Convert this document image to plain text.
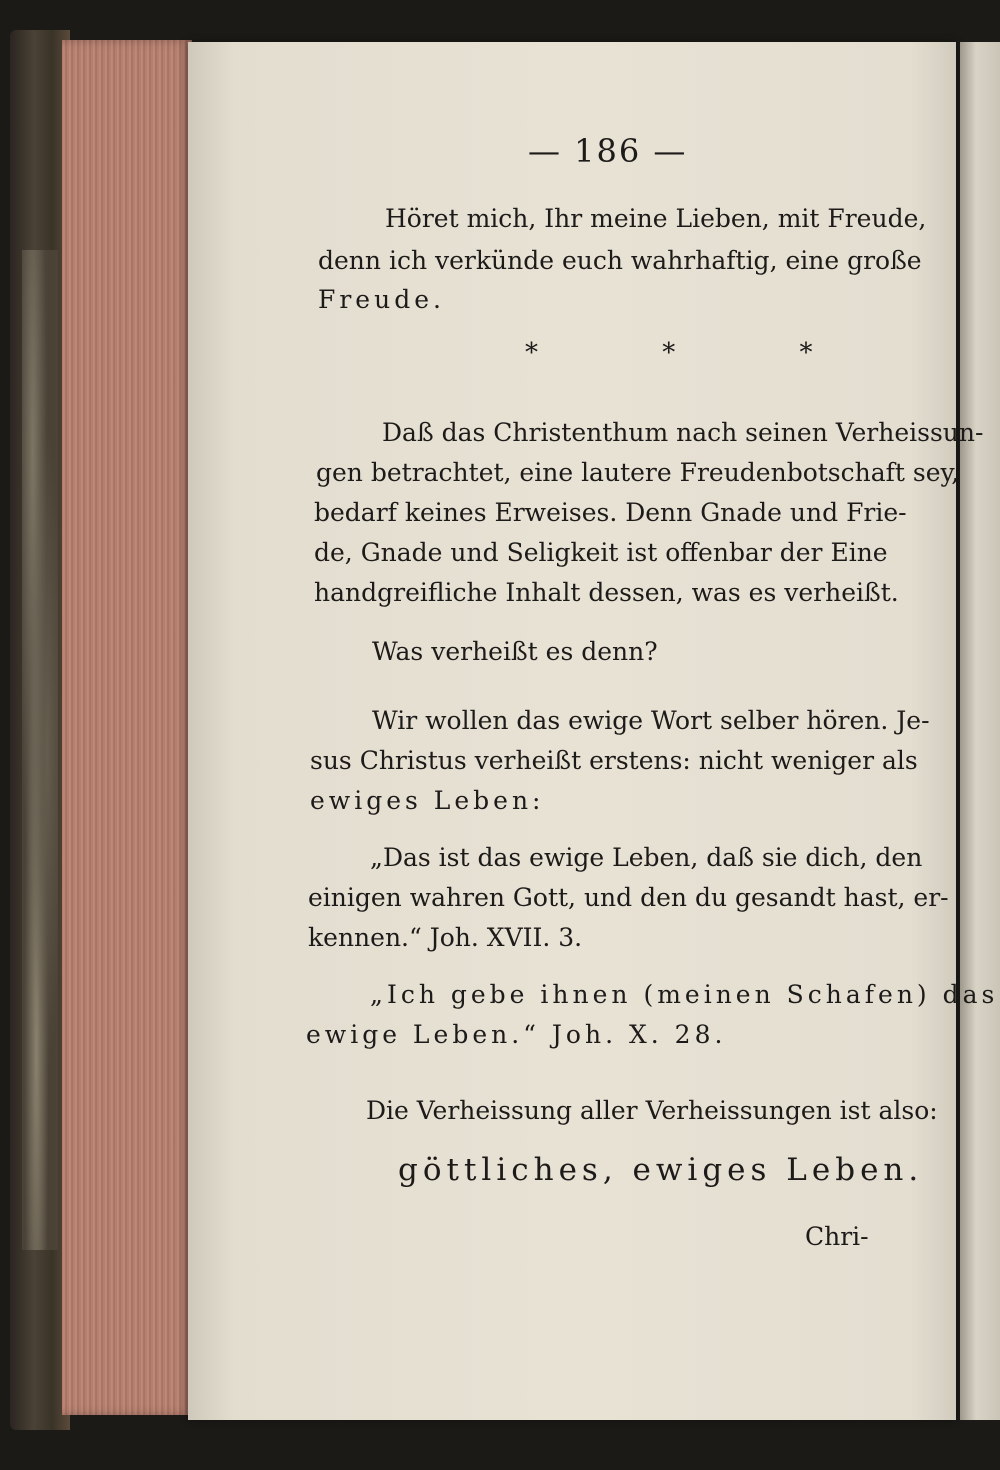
— 186 —
Höret mich, Ihr meine Lieben, mit Freude,
denn ich verkünde euch wahrhaftig, eine große
Freude.
* * *
Daß das Christenthum nach seinen Verheissun-
gen betrachtet, eine lautere Freudenbotschaft sey,
bedarf keines Erweises. Denn Gnade und Frie-
de, Gnade und Seligkeit ist offenbar der Eine
handgreifliche Inhalt dessen, was es verheißt.
Was verheißt es denn?
Wir wollen das ewige Wort selber hören. Je-
sus Christus verheißt erstens: nicht weniger als
ewiges Leben:
„Das ist das ewige Leben, daß sie dich, den
einigen wahren Gott, und den du gesandt hast, er-
kennen.“ Joh. XVII. 3.
„Ich gebe ihnen (meinen Schafen) das
ewige Leben.“ Joh. X. 28.
Die Verheissung aller Verheissungen ist also:
göttliches, ewiges Leben.
Chri-
